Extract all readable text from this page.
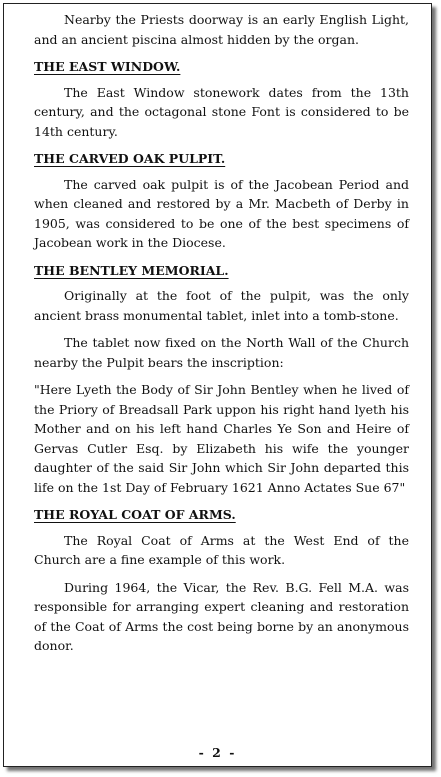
Nearby the Priests doorway is an early English Light, and an ancient piscina almost hidden by the organ.

THE EAST WINDOW.

The East Window stonework dates from the 13th century, and the octagonal stone Font is considered to be 14th century.

THE CARVED OAK PULPIT.

The carved oak pulpit is of the Jacobean Period and when cleaned and restored by a Mr. Macbeth of Derby in 1905, was considered to be one of the best specimens of Jacobean work in the Diocese.

THE BENTLEY MEMORIAL.

Originally at the foot of the pulpit, was the only ancient brass monumental tablet, inlet into a tomb-stone.

The tablet now fixed on the North Wall of the Church nearby the Pulpit bears the inscription:

"Here Lyeth the Body of Sir John Bentley when he lived of the Priory of Breadsall Park uppon his right hand lyeth his Mother and on his left hand Charles Ye Son and Heire of Gervas Cutler Esq. by Elizabeth his wife the younger daughter of the said Sir John which Sir John departed this life on the 1st Day of February 1621 Anno Actates Sue 67"

THE ROYAL COAT OF ARMS.

The Royal Coat of Arms at the West End of the Church are a fine example of this work.

During 1964, the Vicar, the Rev. B.G. Fell M.A. was responsible for arranging expert cleaning and restoration of the Coat of Arms the cost being borne by an anonymous donor.

- 2 -
